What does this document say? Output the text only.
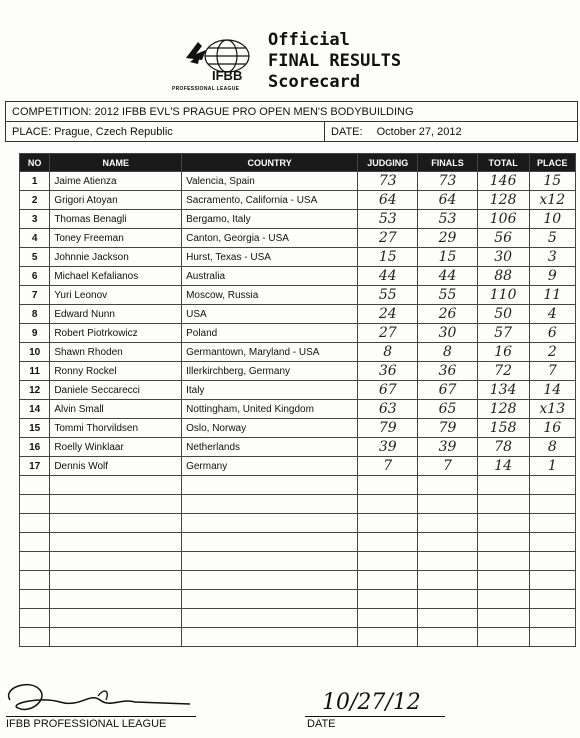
IFBB
PROFESSIONAL LEAGUE
Official
FINAL RESULTS
Scorecard
COMPETITION: 2012 IFBB EVL'S PRAGUE PRO OPEN MEN'S BODYBUILDING
PLACE: Prague, Czech Republic	DATE:	October 27, 2012
NO	NAME	COUNTRY	JUDGING	FINALS	TOTAL	PLACE
1	Jaime Atienza	Valencia, Spain	73	73	146	15
2	Grigori Atoyan	Sacramento, California - USA	64	64	128	x12
3	Thomas Benagli	Bergamo, Italy	53	53	106	10
4	Toney Freeman	Canton, Georgia - USA	27	29	56	5
5	Johnnie Jackson	Hurst, Texas - USA	15	15	30	3
6	Michael Kefalianos	Australia	44	44	88	9
7	Yuri Leonov	Moscow, Russia	55	55	110	11
8	Edward Nunn	USA	24	26	50	4
9	Robert Piotrkowicz	Poland	27	30	57	6
10	Shawn Rhoden	Germantown, Maryland - USA	8	8	16	2
11	Ronny Rockel	Illerkirchberg, Germany	36	36	72	7
12	Daniele Seccarecci	Italy	67	67	134	14
14	Alvin Small	Nottingham, United Kingdom	63	65	128	x13
15	Tommi Thorvildsen	Oslo, Norway	79	79	158	16
16	Roelly Winklaar	Netherlands	39	39	78	8
17	Dennis Wolf	Germany	7	7	14	1

IFBB PROFESSIONAL LEAGUE
10/27/12
DATE
